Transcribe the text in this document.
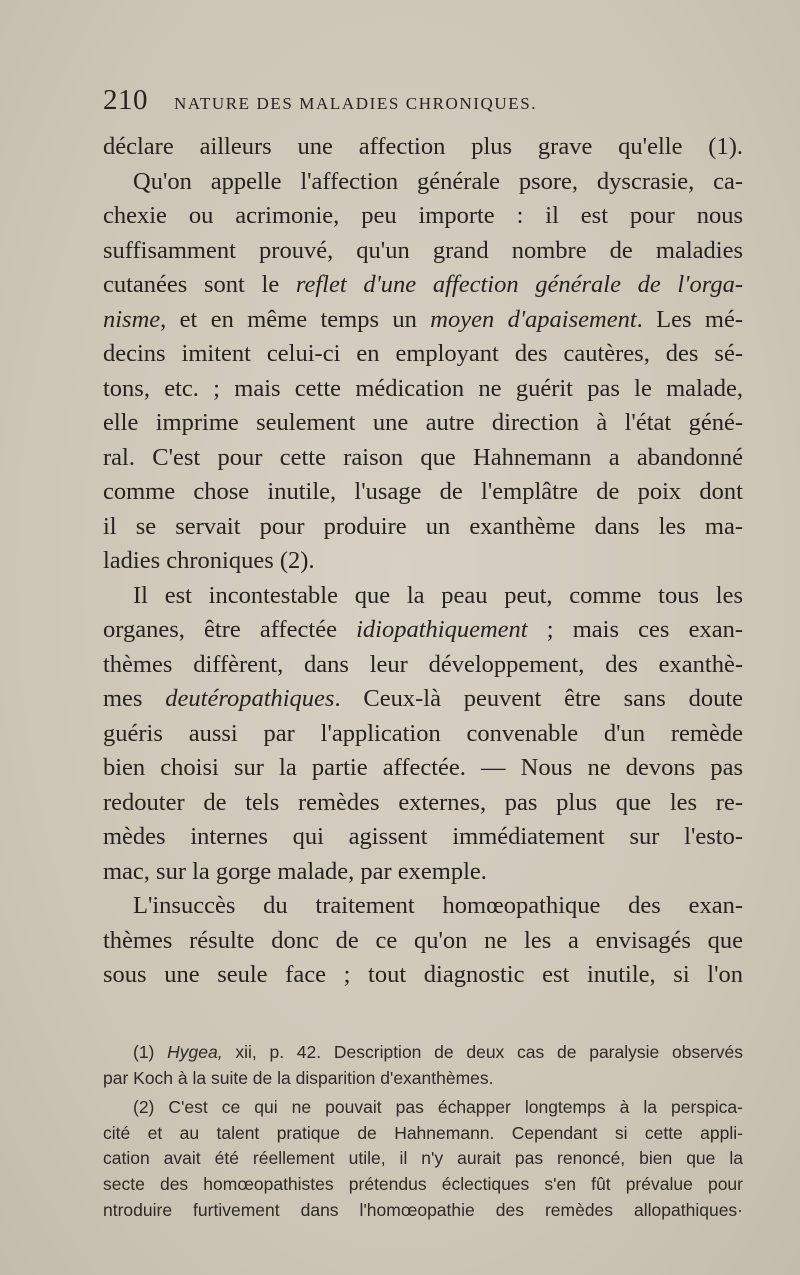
210 NATURE DES MALADIES CHRONIQUES.
déclare ailleurs une affection plus grave qu'elle (1).
Qu'on appelle l'affection générale psore, dyscrasie, ca-
chexie ou acrimonie, peu importe : il est pour nous
suffisamment prouvé, qu'un grand nombre de maladies
cutanées sont le reflet d'une affection générale de l'orga-
nisme, et en même temps un moyen d'apaisement. Les mé-
decins imitent celui-ci en employant des cautères, des sé-
tons, etc. ; mais cette médication ne guérit pas le malade,
elle imprime seulement une autre direction à l'état géné-
ral. C'est pour cette raison que Hahnemann a abandonné
comme chose inutile, l'usage de l'emplâtre de poix dont
il se servait pour produire un exanthème dans les ma-
ladies chroniques (2).
Il est incontestable que la peau peut, comme tous les
organes, être affectée idiopathiquement ; mais ces exan-
thèmes diffèrent, dans leur développement, des exanthè-
mes deutéropathiques. Ceux-là peuvent être sans doute
guéris aussi par l'application convenable d'un remède
bien choisi sur la partie affectée. — Nous ne devons pas
redouter de tels remèdes externes, pas plus que les re-
mèdes internes qui agissent immédiatement sur l'esto-
mac, sur la gorge malade, par exemple.
L'insuccès du traitement homœopathique des exan-
thèmes résulte donc de ce qu'on ne les a envisagés que
sous une seule face ; tout diagnostic est inutile, si l'on
(1) Hygea, xii, p. 42. Description de deux cas de paralysie observés
par Koch à la suite de la disparition d'exanthèmes.
(2) C'est ce qui ne pouvait pas échapper longtemps à la perspica-
cité et au talent pratique de Hahnemann. Cependant si cette appli-
cation avait été réellement utile, il n'y aurait pas renoncé, bien que la
secte des homœopathistes prétendus éclectiques s'en fût prévalue pour
ntroduire furtivement dans l'homœopathie des remèdes allopathiques·
